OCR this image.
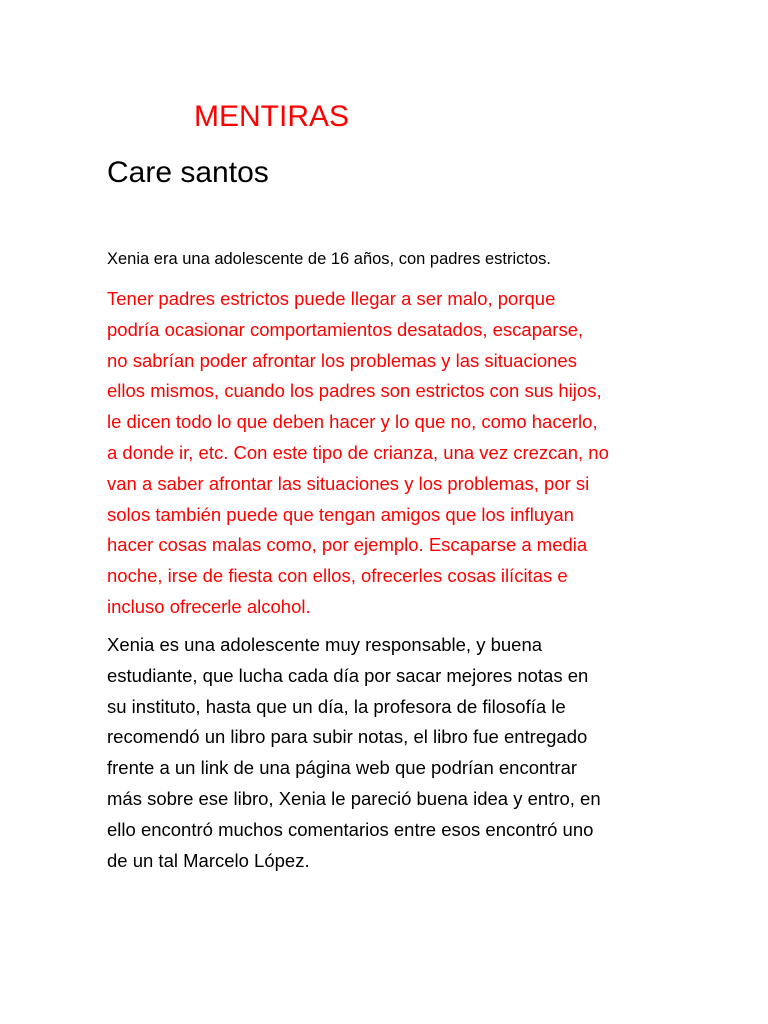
MENTIRAS
Care santos

Xenia era una adolescente de 16 años, con padres estrictos.

Tener padres estrictos puede llegar a ser malo, porque
podría ocasionar comportamientos desatados, escaparse,
no sabrían poder afrontar los problemas y las situaciones
ellos mismos, cuando los padres son estrictos con sus hijos,
le dicen todo lo que deben hacer y lo que no, como hacerlo,
a donde ir, etc. Con este tipo de crianza, una vez crezcan, no
van a saber afrontar las situaciones y los problemas, por si
solos también puede que tengan amigos que los influyan
hacer cosas malas como, por ejemplo. Escaparse a media
noche, irse de fiesta con ellos, ofrecerles cosas ilícitas e
incluso ofrecerle alcohol.

Xenia es una adolescente muy responsable, y buena
estudiante, que lucha cada día por sacar mejores notas en
su instituto, hasta que un día, la profesora de filosofía le
recomendó un libro para subir notas, el libro fue entregado
frente a un link de una página web que podrían encontrar
más sobre ese libro, Xenia le pareció buena idea y entro, en
ello encontró muchos comentarios entre esos encontró uno
de un tal Marcelo López.
